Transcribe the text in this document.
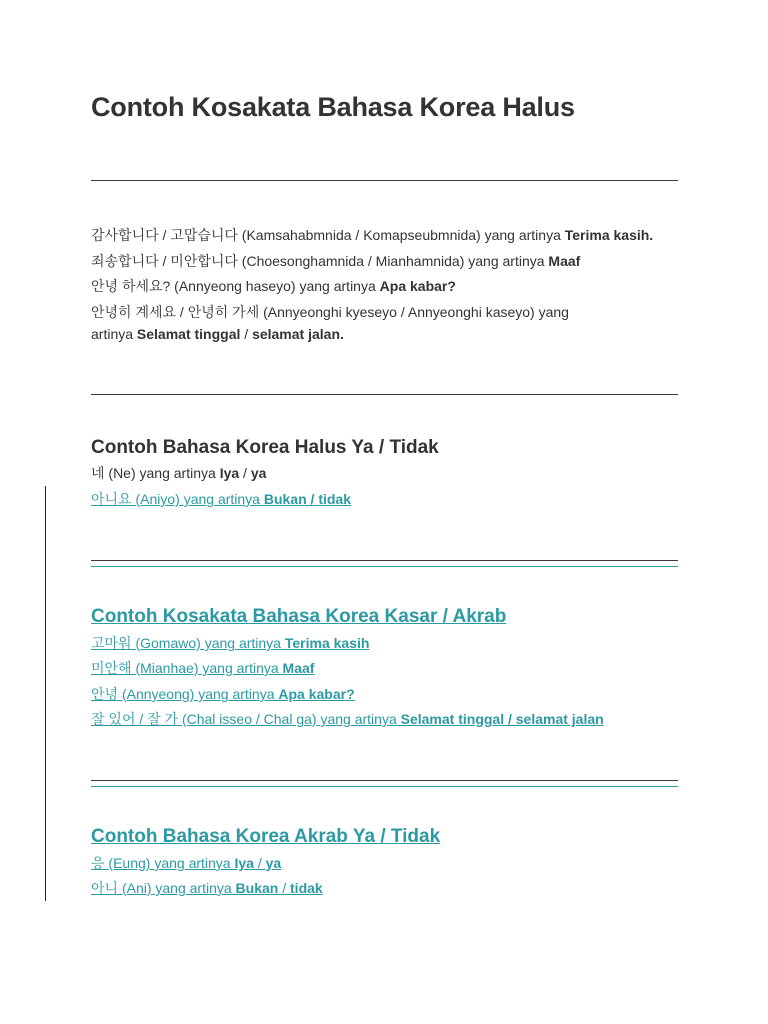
Contoh Kosakata Bahasa Korea Halus

감사합니다 / 고맙습니다 (Kamsahabmnida / Komapseubmnida) yang artinya Terima kasih.

죄송합니다 / 미안합니다 (Choesonghamnida / Mianhamnida) yang artinya Maaf

안녕 하세요? (Annyeong haseyo) yang artinya Apa kabar?

안녕히 계세요 / 안녕히 가세 (Annyeonghi kyeseyo / Annyeonghi kaseyo) yang

artinya Selamat tinggal / selamat jalan.

Contoh Bahasa Korea Halus Ya / Tidak

네 (Ne) yang artinya Iya / ya

아니요 (Aniyo) yang artinya Bukan / tidak

Contoh Kosakata Bahasa Korea Kasar / Akrab

고마워 (Gomawo) yang artinya Terima kasih

미안해 (Mianhae) yang artinya Maaf

안녕 (Annyeong) yang artinya Apa kabar?

잘 있어 / 잘 가 (Chal isseo / Chal ga) yang artinya Selamat tinggal / selamat jalan

Contoh Bahasa Korea Akrab Ya / Tidak

응 (Eung) yang artinya Iya / ya

아니 (Ani) yang artinya Bukan / tidak
